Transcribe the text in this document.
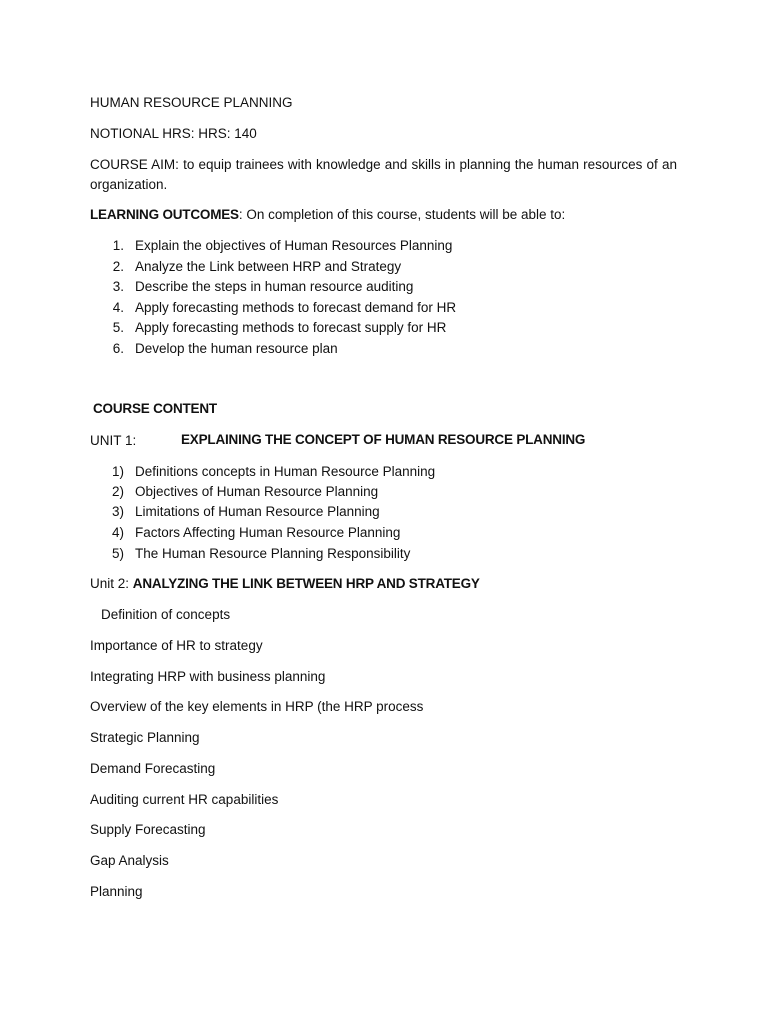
HUMAN RESOURCE PLANNING
NOTIONAL HRS: HRS: 140
COURSE AIM: to equip trainees with knowledge and skills in planning the human resources of an organization.
LEARNING OUTCOMES: On completion of this course, students will be able to:
1. Explain the objectives of Human Resources Planning
2. Analyze the Link between HRP and Strategy
3. Describe the steps in human resource auditing
4. Apply forecasting methods to forecast demand for HR
5. Apply forecasting methods to forecast supply for HR
6. Develop the human resource plan
COURSE CONTENT
UNIT 1:	EXPLAINING THE CONCEPT OF HUMAN RESOURCE PLANNING
1) Definitions concepts in Human Resource Planning
2) Objectives of Human Resource Planning
3) Limitations of Human Resource Planning
4) Factors Affecting Human Resource Planning
5) The Human Resource Planning Responsibility
Unit 2: ANALYZING THE LINK BETWEEN HRP AND STRATEGY
Definition of concepts
Importance of HR to strategy
Integrating HRP with business planning
Overview of the key elements in HRP (the HRP process
Strategic Planning
Demand Forecasting
Auditing current HR capabilities
Supply Forecasting
Gap Analysis
Planning
